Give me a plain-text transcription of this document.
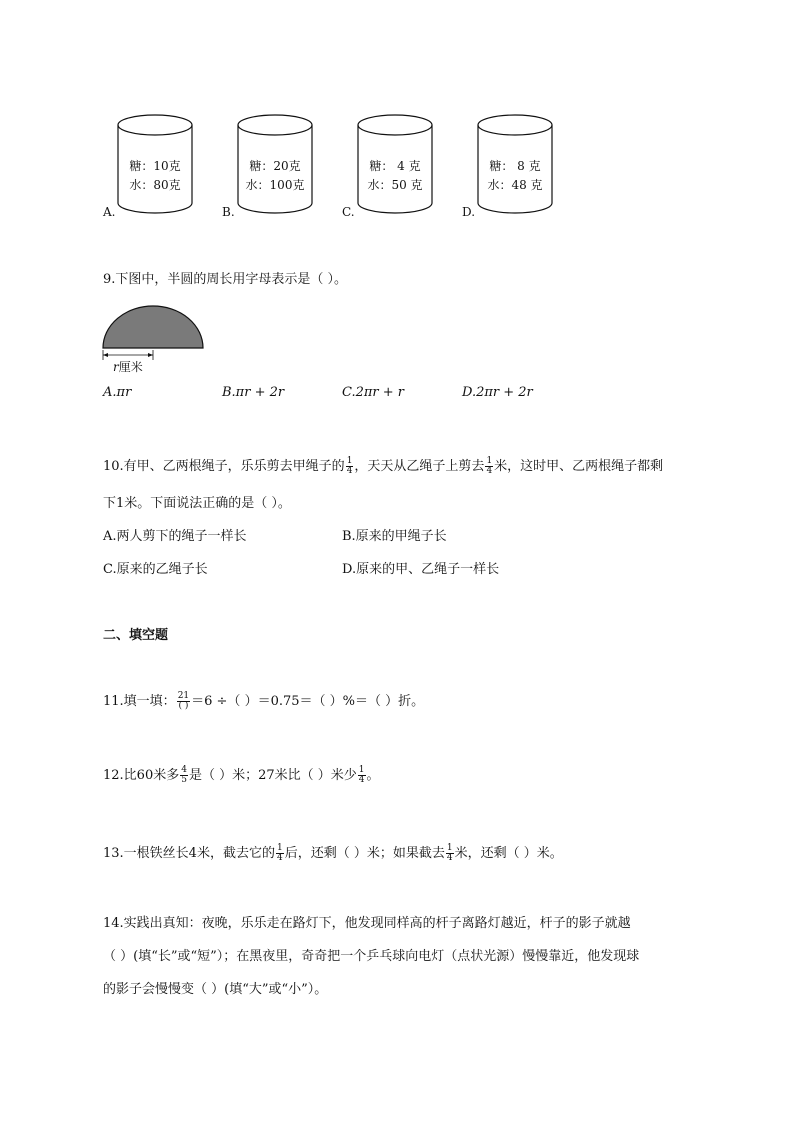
糖：10克
水：80克
A.
糖：20克
水：100克
B.
糖： 4 克
水：50 克
C.
糖： 8 克
水：48 克
D.
9.下图中，半圆的周长用字母表示是（ ）。
r厘米
A.πr	B.πr + 2r	C.2πr + r	D.2πr + 2r
10.有甲、乙两根绳子，乐乐剪去甲绳子的 $\frac{1}{4}$ ，天天从乙绳子上剪去 $\frac{1}{4}$ 米，这时甲、乙两根绳子都剩
下1米。下面说法正确的是（ ）。
A.两人剪下的绳子一样长	B.原来的甲绳子长
C.原来的乙绳子长	D.原来的甲、乙绳子一样长
二、填空题
11.填一填： $\frac{21}{( )} =6$ ÷（ ）＝0.75＝（ ）%＝（ ）折。
12.比60米多 $\frac{4}{5}$ 是（ ）米；27米比（ ）米少 $\frac{1}{4}$ 。
13.一根铁丝长4米，截去它的 $\frac{1}{4}$ 后，还剩（ ）米；如果截去 $\frac{1}{4}$ 米，还剩（ ）米。
14.实践出真知：夜晚，乐乐走在路灯下，他发现同样高的杆子离路灯越近，杆子的影子就越
（ ）(填“长”或“短”）；在黑夜里，奇奇把一个乒乓球向电灯（点状光源）慢慢靠近，他发现球
的影子会慢慢变（ ）(填“大”或“小”）。
